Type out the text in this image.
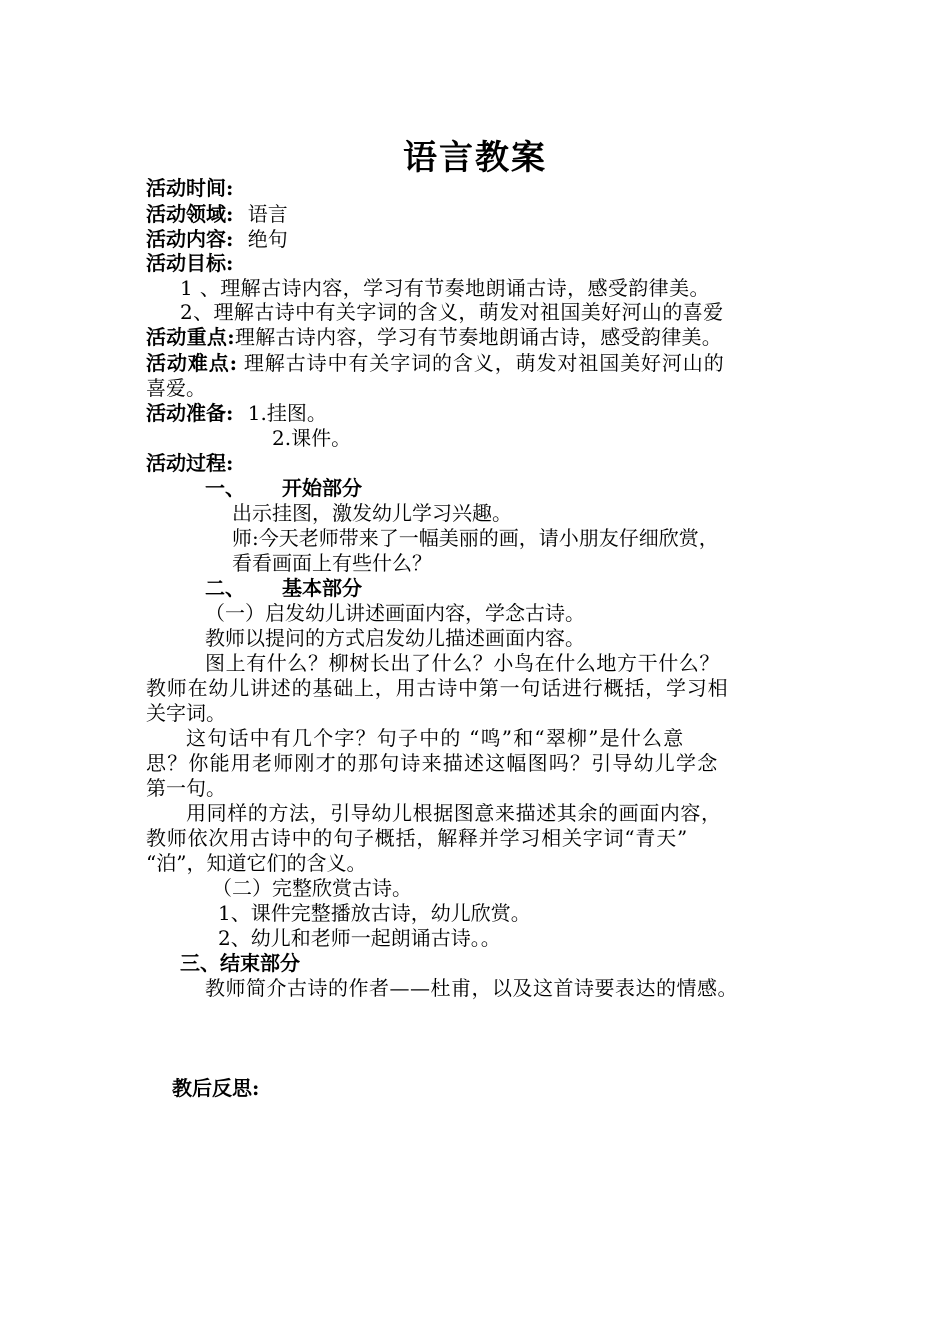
语言教案
活动时间:
活动领域: 语言
活动内容: 绝句
活动目标:
1 、理解古诗内容，学习有节奏地朗诵古诗，感受韵律美。
2、理解古诗中有关字词的含义，萌发对祖国美好河山的喜爱
活动重点:理解古诗内容，学习有节奏地朗诵古诗，感受韵律美。
活动难点: 理解古诗中有关字词的含义，萌发对祖国美好河山的
喜爱。
活动准备: 1.挂图。
2.课件。
活动过程:
一、 开始部分
出示挂图，激发幼儿学习兴趣。
师:今天老师带来了一幅美丽的画，请小朋友仔细欣赏，
看看画面上有些什么？
二、 基本部分
（一）启发幼儿讲述画面内容，学念古诗。
教师以提问的方式启发幼儿描述画面内容。
图上有什么？柳树长出了什么？小鸟在什么地方干什么？
教师在幼儿讲述的基础上，用古诗中第一句话进行概括，学习相
关字词。
这句话中有几个字？句子中的 “鸣”和“翠柳”是什么意
思？你能用老师刚才的那句诗来描述这幅图吗？引导幼儿学念
第一句。
用同样的方法，引导幼儿根据图意来描述其余的画面内容，
教师依次用古诗中的句子概括，解释并学习相关字词“青天”
“泊”，知道它们的含义。
（二）完整欣赏古诗。
1、课件完整播放古诗，幼儿欣赏。
2、幼儿和老师一起朗诵古诗。。
三、结束部分
教师简介古诗的作者——杜甫，以及这首诗要表达的情感。
教后反思:
